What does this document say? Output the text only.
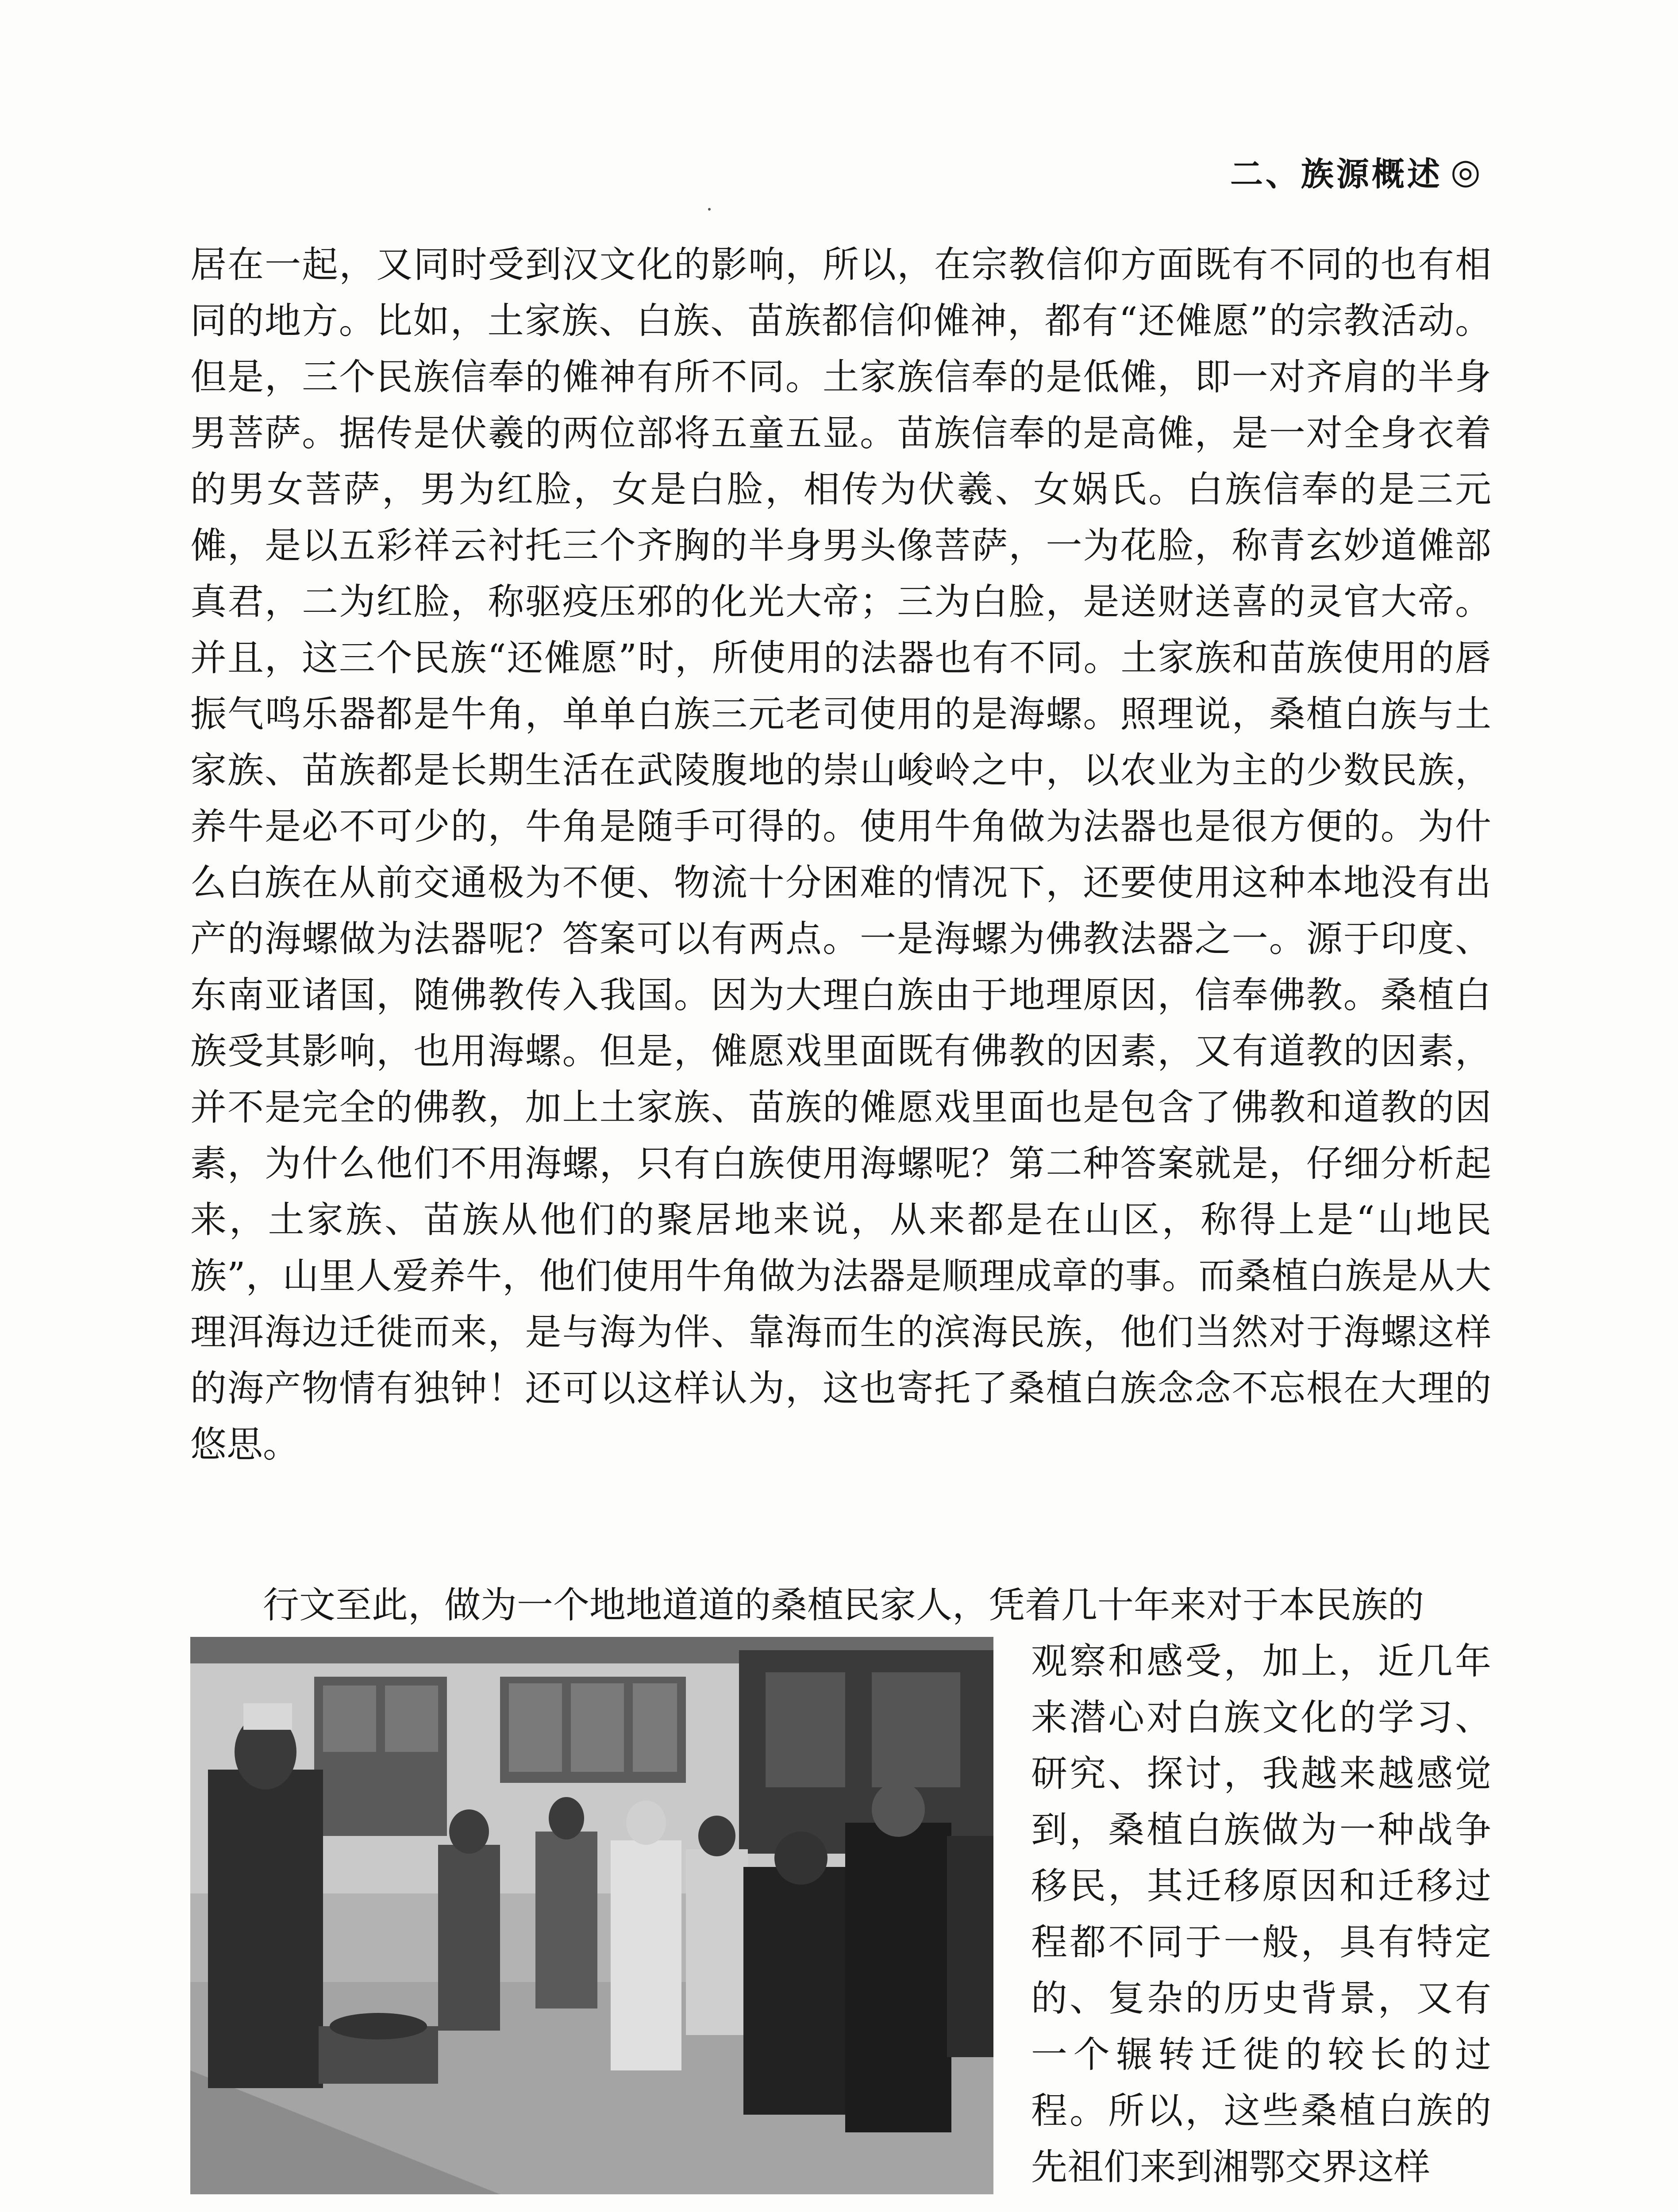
二、族源概述 ◎

居在一起，又同时受到汉文化的影响，所以，在宗教信仰方面既有不同的也有相同的地方。比如，土家族、白族、苗族都信仰傩神，都有“还傩愿”的宗教活动。但是，三个民族信奉的傩神有所不同。土家族信奉的是低傩，即一对齐肩的半身男菩萨。据传是伏羲的两位部将五童五显。苗族信奉的是高傩，是一对全身衣着的男女菩萨，男为红脸，女是白脸，相传为伏羲、女娲氏。白族信奉的是三元傩，是以五彩祥云衬托三个齐胸的半身男头像菩萨，一为花脸，称青玄妙道傩部真君，二为红脸，称驱疫压邪的化光大帝；三为白脸，是送财送喜的灵官大帝。并且，这三个民族“还傩愿”时，所使用的法器也有不同。土家族和苗族使用的唇振气鸣乐器都是牛角，单单白族三元老司使用的是海螺。照理说，桑植白族与土家族、苗族都是长期生活在武陵腹地的崇山峻岭之中，以农业为主的少数民族，养牛是必不可少的，牛角是随手可得的。使用牛角做为法器也是很方便的。为什么白族在从前交通极为不便、物流十分困难的情况下，还要使用这种本地没有出产的海螺做为法器呢？答案可以有两点。一是海螺为佛教法器之一。源于印度、东南亚诸国，随佛教传入我国。因为大理白族由于地理原因，信奉佛教。桑植白族受其影响，也用海螺。但是，傩愿戏里面既有佛教的因素，又有道教的因素，并不是完全的佛教，加上土家族、苗族的傩愿戏里面也是包含了佛教和道教的因素，为什么他们不用海螺，只有白族使用海螺呢？第二种答案就是，仔细分析起来，土家族、苗族从他们的聚居地来说，从来都是在山区，称得上是“山地民族”，山里人爱养牛，他们使用牛角做为法器是顺理成章的事。而桑植白族是从大理洱海边迁徙而来，是与海为伴、靠海而生的滨海民族，他们当然对于海螺这样的海产物情有独钟！还可以这样认为，这也寄托了桑植白族念念不忘根在大理的悠思。

行文至此，做为一个地地道道的桑植民家人，凭着几十年来对于本民族的
观察和感受，加上，近几年来潜心对白族文化的学习、研究、探讨，我越来越感觉到，桑植白族做为一种战争移民，其迁移原因和迁移过程都不同于一般，具有特定的、复杂的历史背景，又有一个辗转迁徙的较长的过程。所以，这些桑植白族的先祖们来到湘鄂交界这样
